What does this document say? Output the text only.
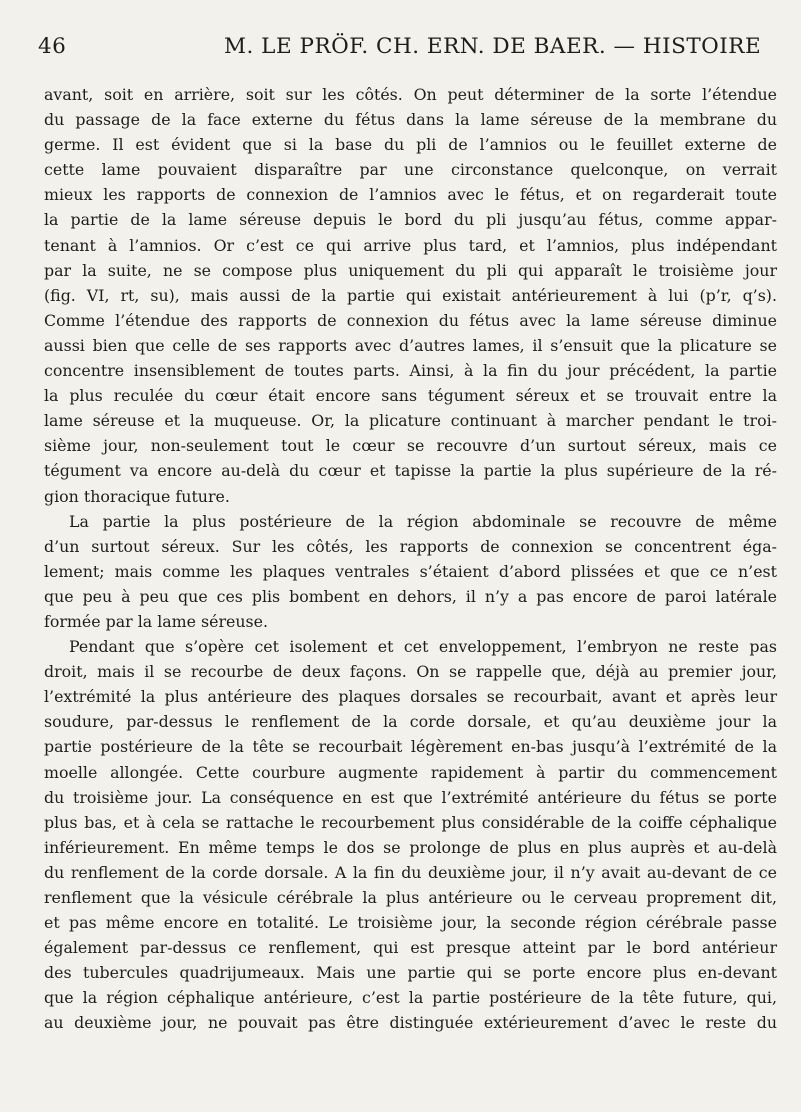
46	M. LE PRÖF. CH. ERN. DE BAER. — HISTOIRE
avant, soit en arrière, soit sur les côtés. On peut déterminer de la sorte l’étendue
du passage de la face externe du fétus dans la lame séreuse de la membrane du
germe. Il est évident que si la base du pli de l’amnios ou le feuillet externe de
cette lame pouvaient disparaître par une circonstance quelconque, on verrait
mieux les rapports de connexion de l’amnios avec le fétus, et on regarderait toute
la partie de la lame séreuse depuis le bord du pli jusqu’au fétus, comme appar-
tenant à l’amnios. Or c’est ce qui arrive plus tard, et l’amnios, plus indépendant
par la suite, ne se compose plus uniquement du pli qui apparaît le troisième jour
(fig. VI, rt, su), mais aussi de la partie qui existait antérieurement à lui (p’r, q’s).
Comme l’étendue des rapports de connexion du fétus avec la lame séreuse diminue
aussi bien que celle de ses rapports avec d’autres lames, il s’ensuit que la plicature se
concentre insensiblement de toutes parts. Ainsi, à la fin du jour précédent, la partie
la plus reculée du cœur était encore sans tégument séreux et se trouvait entre la
lame séreuse et la muqueuse. Or, la plicature continuant à marcher pendant le troi-
sième jour, non-seulement tout le cœur se recouvre d’un surtout séreux, mais ce
tégument va encore au-delà du cœur et tapisse la partie la plus supérieure de la ré-
gion thoracique future.
La partie la plus postérieure de la région abdominale se recouvre de même
d’un surtout séreux. Sur les côtés, les rapports de connexion se concentrent éga-
lement; mais comme les plaques ventrales s’étaient d’abord plissées et que ce n’est
que peu à peu que ces plis bombent en dehors, il n’y a pas encore de paroi latérale
formée par la lame séreuse.
Pendant que s’opère cet isolement et cet enveloppement, l’embryon ne reste pas
droit, mais il se recourbe de deux façons. On se rappelle que, déjà au premier jour,
l’extrémité la plus antérieure des plaques dorsales se recourbait, avant et après leur
soudure, par-dessus le renflement de la corde dorsale, et qu’au deuxième jour la
partie postérieure de la tête se recourbait légèrement en-bas jusqu’à l’extrémité de la
moelle allongée. Cette courbure augmente rapidement à partir du commencement
du troisième jour. La conséquence en est que l’extrémité antérieure du fétus se porte
plus bas, et à cela se rattache le recourbement plus considérable de la coiffe céphalique
inférieurement. En même temps le dos se prolonge de plus en plus auprès et au-delà
du renflement de la corde dorsale. A la fin du deuxième jour, il n’y avait au-devant de ce
renflement que la vésicule cérébrale la plus antérieure ou le cerveau proprement dit,
et pas même encore en totalité. Le troisième jour, la seconde région cérébrale passe
également par-dessus ce renflement, qui est presque atteint par le bord antérieur
des tubercules quadrijumeaux. Mais une partie qui se porte encore plus en-devant
que la région céphalique antérieure, c’est la partie postérieure de la tête future, qui,
au deuxième jour, ne pouvait pas être distinguée extérieurement d’avec le reste du
